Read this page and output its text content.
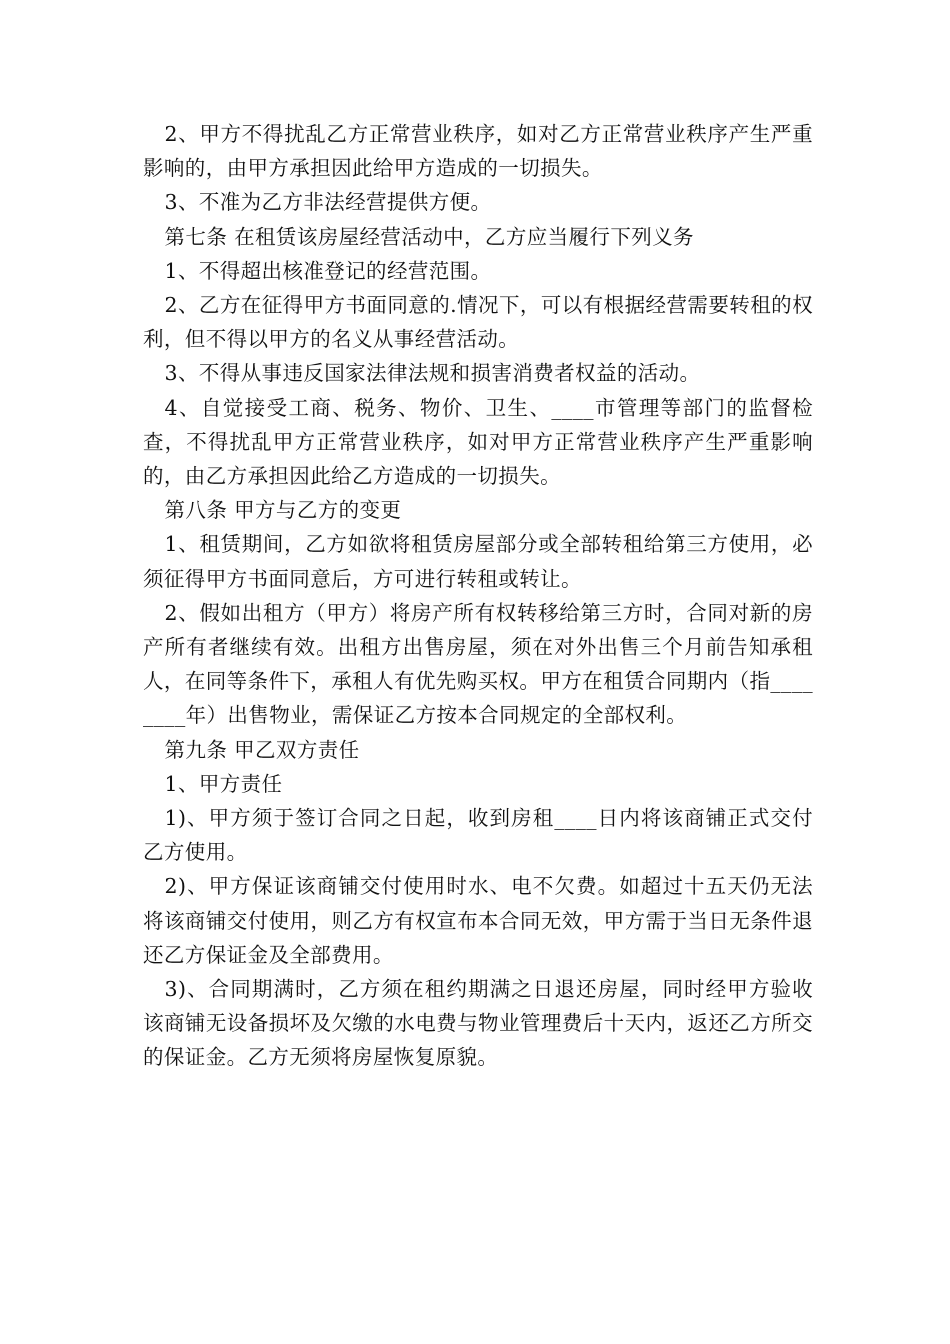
2、甲方不得扰乱乙方正常营业秩序，如对乙方正常营业秩序产生严重影响的，由甲方承担因此给甲方造成的一切损失。

3、不准为乙方非法经营提供方便。

第七条 在租赁该房屋经营活动中，乙方应当履行下列义务

1、不得超出核准登记的经营范围。

2、乙方在征得甲方书面同意的.情况下，可以有根据经营需要转租的权利，但不得以甲方的名义从事经营活动。

3、不得从事违反国家法律法规和损害消费者权益的活动。

4、自觉接受工商、税务、物价、卫生、____市管理等部门的监督检查，不得扰乱甲方正常营业秩序，如对甲方正常营业秩序产生严重影响的，由乙方承担因此给乙方造成的一切损失。

第八条 甲方与乙方的变更

1、租赁期间，乙方如欲将租赁房屋部分或全部转租给第三方使用，必须征得甲方书面同意后，方可进行转租或转让。

2、假如出租方（甲方）将房产所有权转移给第三方时，合同对新的房产所有者继续有效。出租方出售房屋，须在对外出售三个月前告知承租人，在同等条件下，承租人有优先购买权。甲方在租赁合同期内（指________年）出售物业，需保证乙方按本合同规定的全部权利。

第九条 甲乙双方责任

1、甲方责任

1)、甲方须于签订合同之日起，收到房租____日内将该商铺正式交付乙方使用。

2)、甲方保证该商铺交付使用时水、电不欠费。如超过十五天仍无法将该商铺交付使用，则乙方有权宣布本合同无效，甲方需于当日无条件退还乙方保证金及全部费用。

3)、合同期满时，乙方须在租约期满之日退还房屋，同时经甲方验收该商铺无设备损坏及欠缴的水电费与物业管理费后十天内，返还乙方所交的保证金。乙方无须将房屋恢复原貌。
